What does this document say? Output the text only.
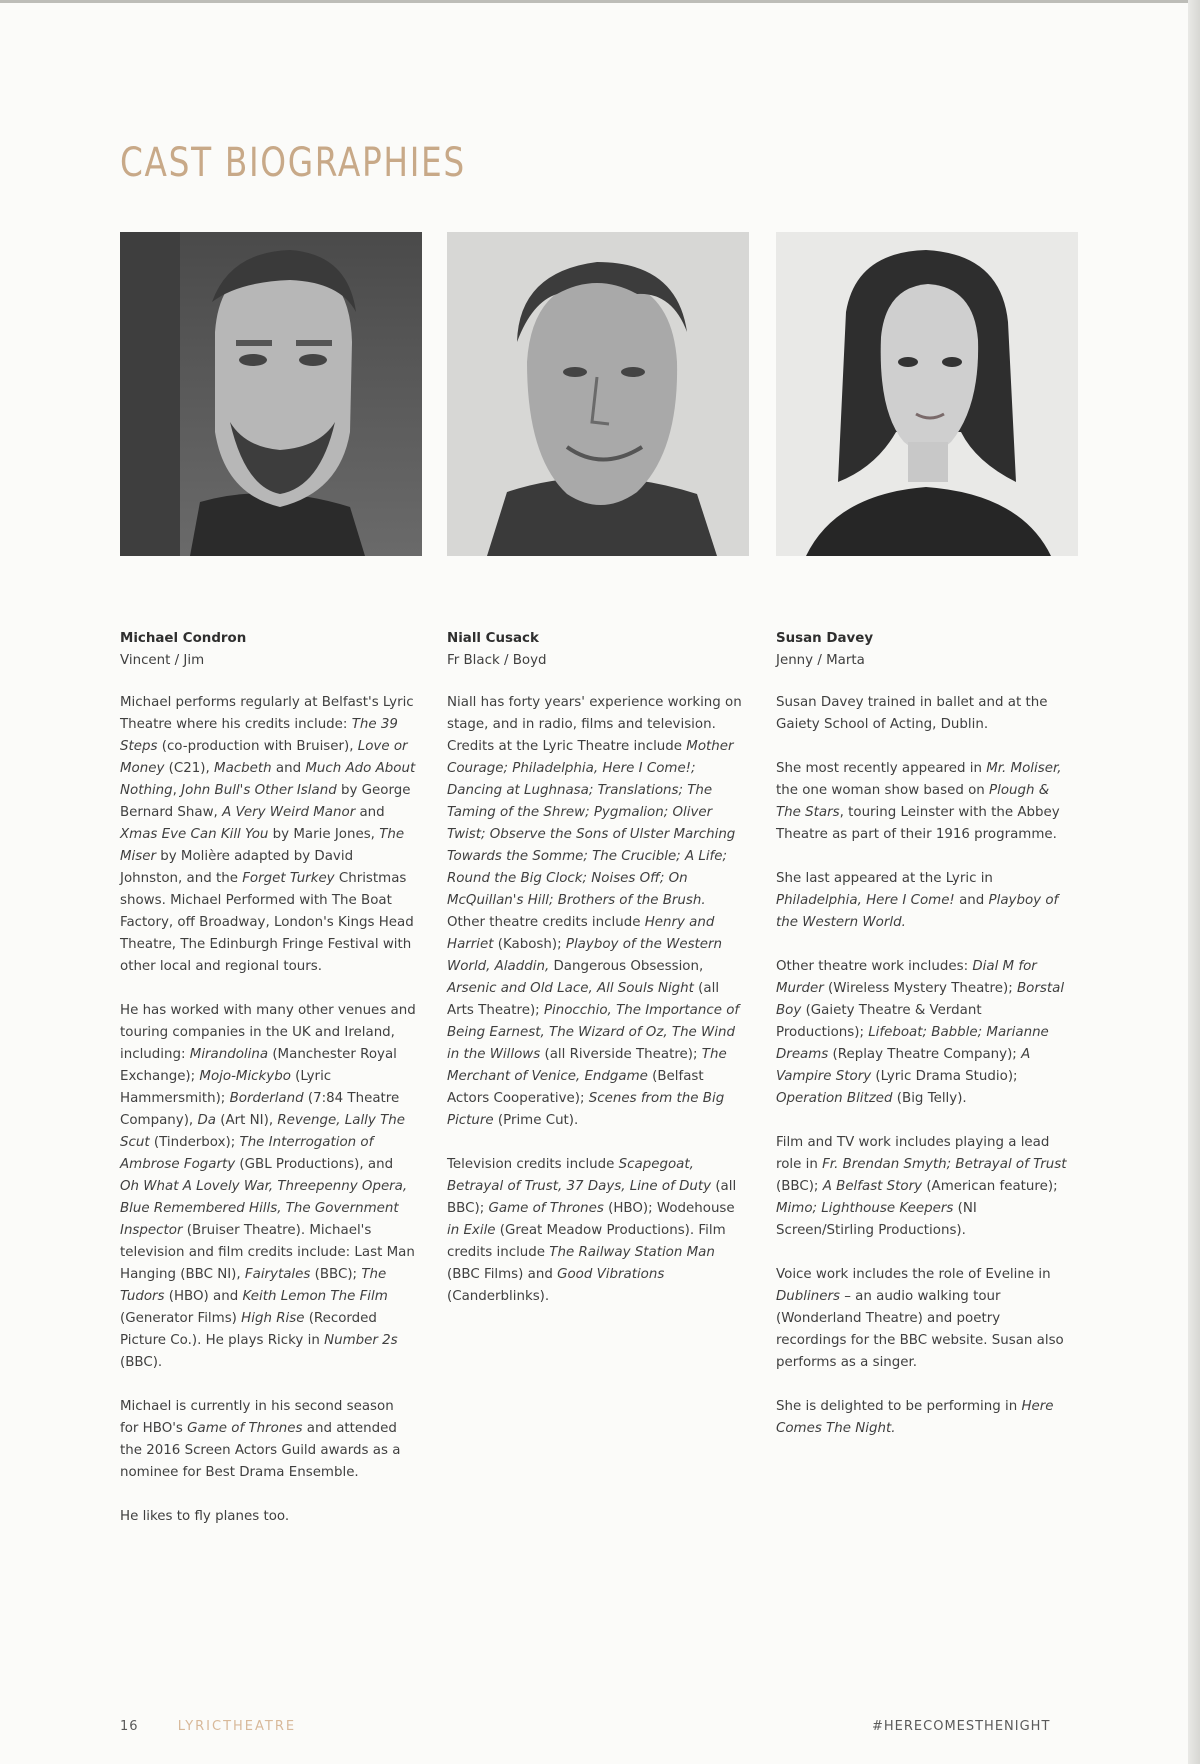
CAST BIOGRAPHIES
Michael Condron
Vincent / Jim

Michael performs regularly at Belfast's Lyric Theatre where his credits include: The 39 Steps (co-production with Bruiser), Love or Money (C21), Macbeth and Much Ado About Nothing, John Bull's Other Island by George Bernard Shaw, A Very Weird Manor and Xmas Eve Can Kill You by Marie Jones, The Miser by Molière adapted by David Johnston, and the Forget Turkey Christmas shows. Michael Performed with The Boat Factory, off Broadway, London's Kings Head Theatre, The Edinburgh Fringe Festival with other local and regional tours.

He has worked with many other venues and touring companies in the UK and Ireland, including: Mirandolina (Manchester Royal Exchange); Mojo-Mickybo (Lyric Hammersmith); Borderland (7:84 Theatre Company), Da (Art NI), Revenge, Lally The Scut (Tinderbox); The Interrogation of Ambrose Fogarty (GBL Productions), and Oh What A Lovely War, Threepenny Opera, Blue Remembered Hills, The Government Inspector (Bruiser Theatre). Michael's television and film credits include: Last Man Hanging (BBC NI), Fairytales (BBC); The Tudors (HBO) and Keith Lemon The Film (Generator Films) High Rise (Recorded Picture Co.). He plays Ricky in Number 2s (BBC).

Michael is currently in his second season for HBO's Game of Thrones and attended the 2016 Screen Actors Guild awards as a nominee for Best Drama Ensemble.

He likes to fly planes too.

Niall Cusack
Fr Black / Boyd

Niall has forty years' experience working on stage, and in radio, films and television. Credits at the Lyric Theatre include Mother Courage; Philadelphia, Here I Come!; Dancing at Lughnasa; Translations; The Taming of the Shrew; Pygmalion; Oliver Twist; Observe the Sons of Ulster Marching Towards the Somme; The Crucible; A Life; Round the Big Clock; Noises Off; On McQuillan's Hill; Brothers of the Brush. Other theatre credits include Henry and Harriet (Kabosh); Playboy of the Western World, Aladdin, Dangerous Obsession, Arsenic and Old Lace, All Souls Night (all Arts Theatre); Pinocchio, The Importance of Being Earnest, The Wizard of Oz, The Wind in the Willows (all Riverside Theatre); The Merchant of Venice, Endgame (Belfast Actors Cooperative); Scenes from the Big Picture (Prime Cut).

Television credits include Scapegoat, Betrayal of Trust, 37 Days, Line of Duty (all BBC); Game of Thrones (HBO); Wodehouse in Exile (Great Meadow Productions). Film credits include The Railway Station Man (BBC Films) and Good Vibrations (Canderblinks).

Susan Davey
Jenny / Marta

Susan Davey trained in ballet and at the Gaiety School of Acting, Dublin.

She most recently appeared in Mr. Moliser, the one woman show based on Plough & The Stars, touring Leinster with the Abbey Theatre as part of their 1916 programme.

She last appeared at the Lyric in Philadelphia, Here I Come! and Playboy of the Western World.

Other theatre work includes: Dial M for Murder (Wireless Mystery Theatre); Borstal Boy (Gaiety Theatre & Verdant Productions); Lifeboat; Babble; Marianne Dreams (Replay Theatre Company); A Vampire Story (Lyric Drama Studio); Operation Blitzed (Big Telly).

Film and TV work includes playing a lead role in Fr. Brendan Smyth; Betrayal of Trust (BBC); A Belfast Story (American feature); Mimo; Lighthouse Keepers (NI Screen/Stirling Productions).

Voice work includes the role of Eveline in Dubliners – an audio walking tour (Wonderland Theatre) and poetry recordings for the BBC website. Susan also performs as a singer.

She is delighted to be performing in Here Comes The Night.

16	LYRICTHEATRE	#HERECOMESTHENIGHT
